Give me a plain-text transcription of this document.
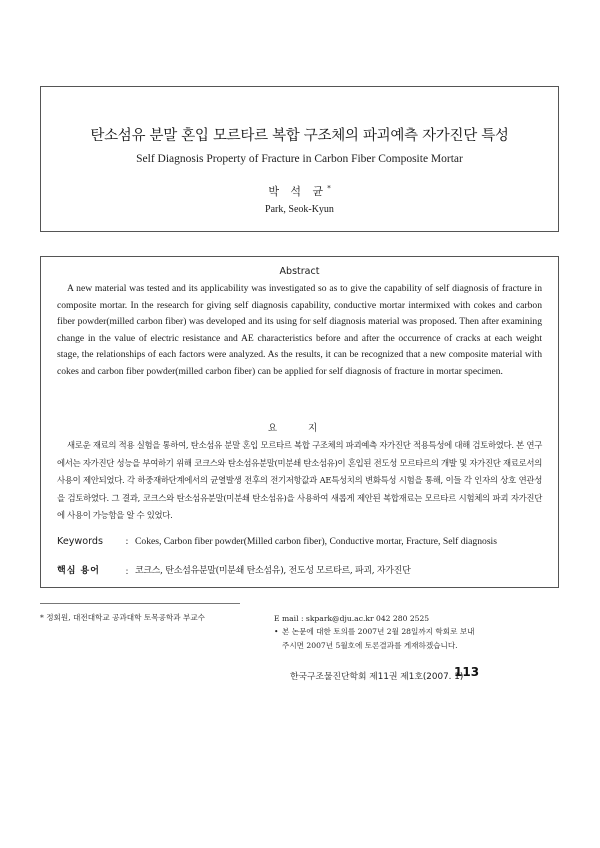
탄소섬유 분말 혼입 모르타르 복합 구조체의 파괴예측 자가진단 특성
Self Diagnosis Property of Fracture in Carbon Fiber Composite Mortar
박 석 균*
Park, Seok-Kyun
Abstract

A new material was tested and its applicability was investigated so as to give the capability of self diagnosis of fracture in composite mortar. In the research for giving self diagnosis capability, conductive mortar intermixed with cokes and carbon fiber powder(milled carbon fiber) was developed and its using for self diagnosis material was proposed. Then after examining change in the value of electric resistance and AE characteristics before and after the occurrence of cracks at each weight stage, the relationships of each factors were analyzed. As the results, it can be recognized that a new composite material with cokes and carbon fiber powder(milled carbon fiber) can be applied for self diagnosis of fracture in mortar specimen.

요 지

새로운 재료의 적용 실험을 통하여, 탄소섬유 분말 혼입 모르타르 복합 구조체의 파괴예측 자가진단 적용특성에 대해 검토하였다. 본 연구에서는 자가진단 성능을 부여하기 위해 코크스와 탄소섬유분말(미분쇄 탄소섬유)이 혼입된 전도성 모르타르의 개발 및 자가진단 재료로서의 사용이 제안되었다. 각 하중재하단계에서의 균열발생 전후의 전기저항값과 AE특성치의 변화특성 시험을 통해, 이들 각 인자의 상호 연관성을 검토하였다. 그 결과, 코크스와 탄소섬유분말(미분쇄 탄소섬유)을 사용하여 새롭게 제안된 복합재료는 모르타르 시험체의 파괴 자가진단에 사용이 가능함을 알 수 있었다.

Keywords	: Cokes, Carbon fiber powder(Milled carbon fiber), Conductive mortar, Fracture, Self diagnosis
핵심 용어	: 코크스, 탄소섬유분말(미분쇄 탄소섬유), 전도성 모르타르, 파괴, 자가진단
* 정회원, 대전대학교 공과대학 토목공학과 부교수	E mail : skpark@dju.ac.kr 042 280 2525
• 본 논문에 대한 토의를 2007년 2월 28일까지 학회로 보내
주시면 2007년 5월호에 토론결과를 게재하겠습니다.
한국구조물진단학회 제11권 제1호(2007. 1)
113
